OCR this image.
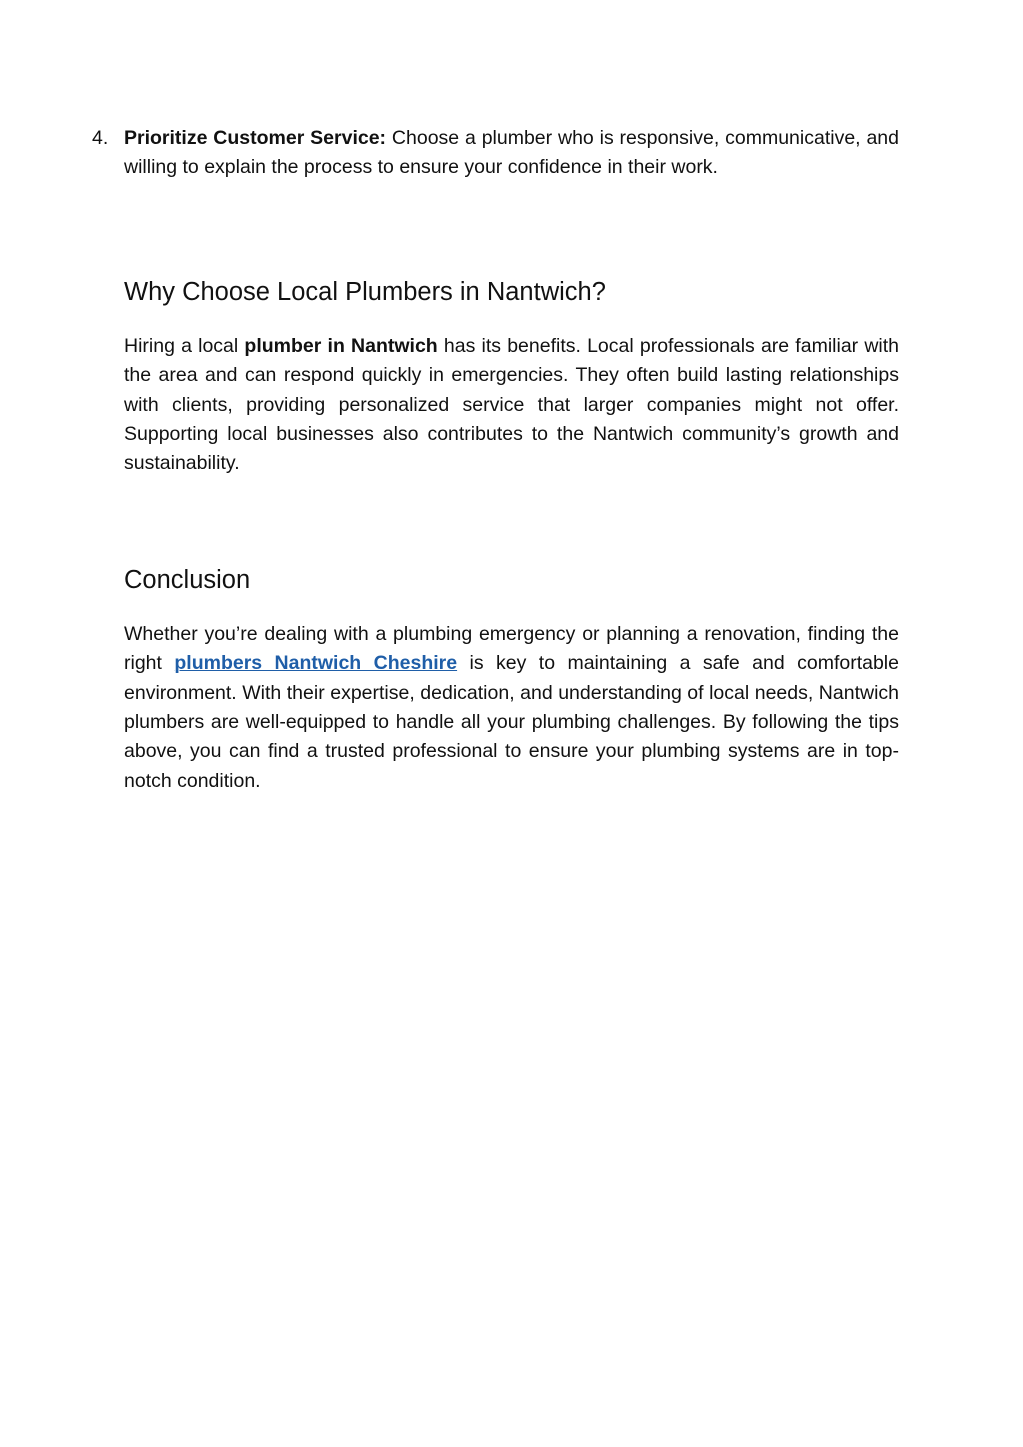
4. Prioritize Customer Service: Choose a plumber who is responsive, communicative, and willing to explain the process to ensure your confidence in their work.
Why Choose Local Plumbers in Nantwich?

Hiring a local plumber in Nantwich has its benefits. Local professionals are familiar with the area and can respond quickly in emergencies. They often build lasting relationships with clients, providing personalized service that larger companies might not offer. Supporting local businesses also contributes to the Nantwich community’s growth and sustainability.

Conclusion

Whether you’re dealing with a plumbing emergency or planning a renovation, finding the right plumbers Nantwich Cheshire is key to maintaining a safe and comfortable environment. With their expertise, dedication, and understanding of local needs, Nantwich plumbers are well-equipped to handle all your plumbing challenges. By following the tips above, you can find a trusted professional to ensure your plumbing systems are in top-notch condition.
